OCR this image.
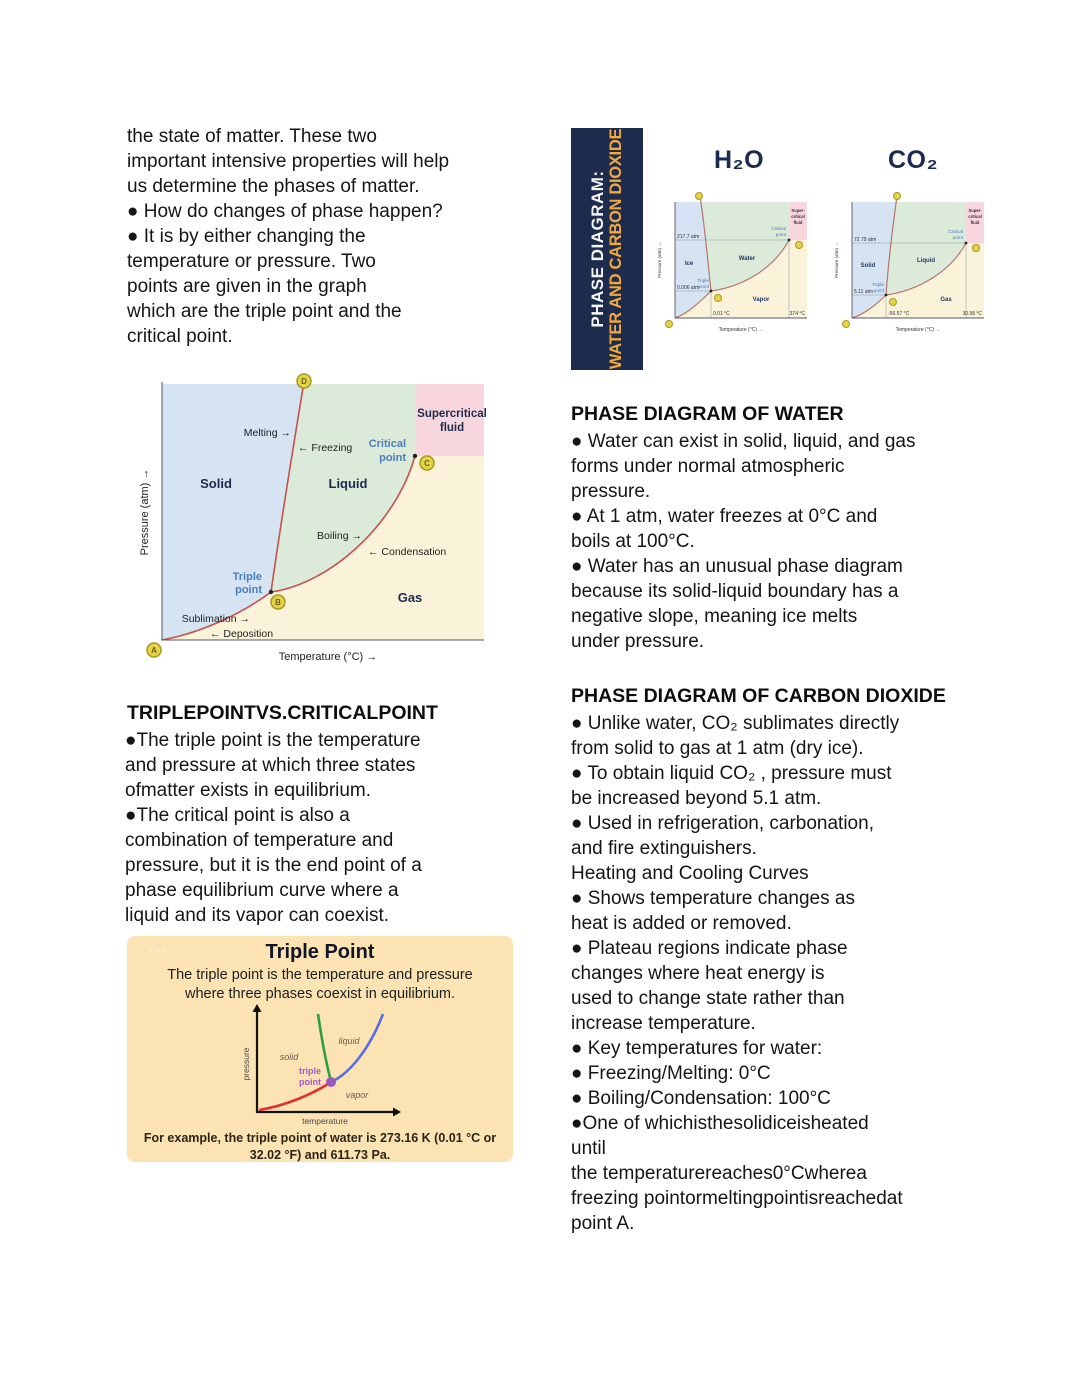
the state of matter. These two
important intensive properties will help
us determine the phases of matter.
● How do changes of phase happen?
● It is by either changing the
temperature or pressure. Two
points are given in the graph
which are the triple point and the
critical point.
Solid	Liquid
Gas
Supercritical
fluid
Melting →
← Freezing
Boiling →
← Condensation
Sublimation →
← Deposition
Critical
point
Triple
point
D
C
B
A
Pressure (atm) →
Temperature (°C) →
TRIPLEPOINTVS.CRITICALPOINT
●The triple point is the temperature
and pressure at which three states
ofmatter exists in equilibrium.
●The critical point is also a
combination of temperature and
pressure, but it is the end point of a
phase equilibrium curve where a
liquid and its vapor can coexist.
•••	Triple Point
The triple point is the temperature and pressure
where three phases coexist in equilibrium.
solid
liquid
vapor
triple
point
pressure
temperature
For example, the triple point of water is 273.16 K (0.01 °C or
32.02 °F) and 611.73 Pa.
PHASE DIAGRAM: WATER AND CARBON DIOXIDE	H₂O	CO₂
217.7 atm
0.006 atm
0.01 °C	374 °C
Ice
Water
Vapor
Super-
critical
fluid
Critical
point
Triple
point
Pressure (atm) →
Temperature (°C) →
72.79 atm
5.11 atm
-56.57 °C	30.98 °C
Solid
Liquid
Gas
Super-
critical
fluid
Critical
point
Triple
point
Pressure (atm) →
Temperature (°C) →
PHASE DIAGRAM OF WATER
● Water can exist in solid, liquid, and gas
forms under normal atmospheric
pressure.
● At 1 atm, water freezes at 0°C and
boils at 100°C.
● Water has an unusual phase diagram
because its solid-liquid boundary has a
negative slope, meaning ice melts
under pressure.
PHASE DIAGRAM OF CARBON DIOXIDE
● Unlike water, CO₂ sublimates directly
from solid to gas at 1 atm (dry ice).
● To obtain liquid CO₂ , pressure must
be increased beyond 5.1 atm.
● Used in refrigeration, carbonation,
and fire extinguishers.
Heating and Cooling Curves
● Shows temperature changes as
heat is added or removed.
● Plateau regions indicate phase
changes where heat energy is
used to change state rather than
increase temperature.
● Key temperatures for water:
● Freezing/Melting: 0°C
● Boiling/Condensation: 100°C
●One of whichisthesolidiceisheated
until
the temperaturereaches0°Cwherea
freezing pointormeltingpointisreachedat
point A.
